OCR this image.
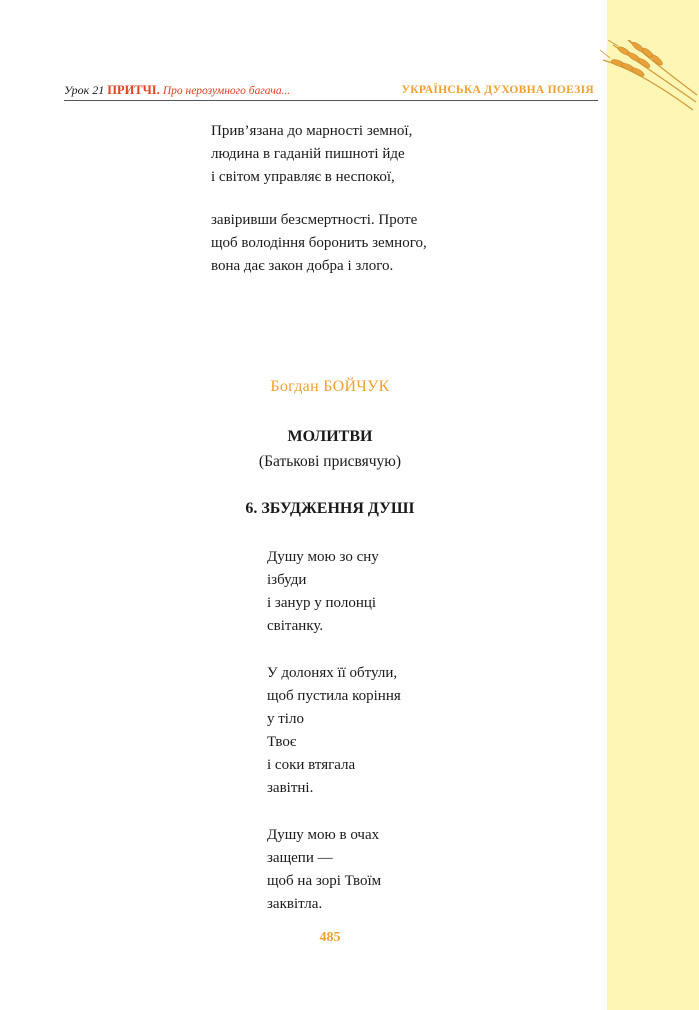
Урок 21 ПРИТЧІ. Про нерозумного багача...	УКРАЇНСЬКА ДУХОВНА ПОЕЗІЯ
Прив’язана до марності земної,
людина в гаданій пишноті йде
і світом управляє в неспокої,
завіривши безсмертності. Проте
щоб володіння боронить земного,
вона дає закон добра і злого.
Богдан БОЙЧУК
МОЛИТВИ
(Батькові присвячую)
6. ЗБУДЖЕННЯ ДУШІ
Душу мою зо сну
ізбуди
і занур у полонці
світанку.
У долонях її обтули,
щоб пустила коріння
у тіло
Твоє
і соки втягала
завітні.
Душу мою в очах
защепи —
щоб на зорі Твоїм
заквітла.
485
